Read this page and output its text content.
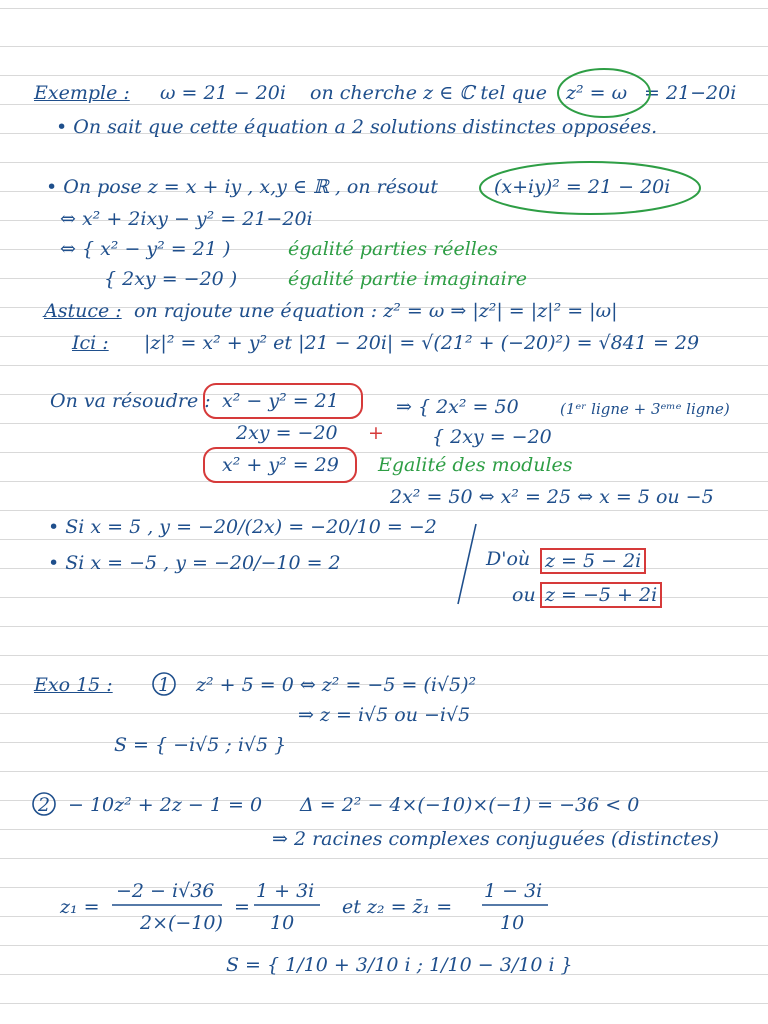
Exemple : ω = 21 − 20i on cherche z ∈ ℂ tel que z² = ω = 21−20i
• On sait que cette équation a 2 solutions distinctes opposées.
• On pose z = x + iy , x,y ∈ ℝ , on résout	(x+iy)² = 21 − 20i
⇔ x² + 2ixy − y² = 21−20i
⇔ { x² − y² = 21 )	égalité parties réelles
{ 2xy = −20 )	égalité partie imaginaire
Astuce : on rajoute une équation : z² = ω ⇒ |z²| = |z|² = |ω|
Ici : |z|² = x² + y² et |21 − 20i| = √(21² + (−20)²) = √841 = 29
On va résoudre : x² − y² = 21
2xy = −20 +
x² + y² = 29 Egalité des modules
⇒ { 2x² = 50	(1ᵉʳ ligne + 3ᵉᵐᵉ ligne)
{ 2xy = −20
2x² = 50 ⇔ x² = 25 ⇔ x = 5 ou −5
• Si x = 5 , y = −20/(2x) = −20/10 = −2
• Si x = −5 , y = −20/−10 = 2	D'où
ou
z = 5 − 2i
z = −5 + 2i
Exo 15 : 1 z² + 5 = 0 ⇔ z² = −5 = (i√5)²
⇒ z = i√5 ou −i√5
S = { −i√5 ; i√5 }
2 − 10z² + 2z − 1 = 0 Δ = 2² − 4×(−10)×(−1) = −36 < 0
⇒ 2 racines complexes conjuguées (distinctes)
z₁ =
−2 − i√36
2×(−10)
=
1 + 3i
10
et z₂ = z̄₁ =
1 − 3i
10
S = { 1/10 + 3/10 i ; 1/10 − 3/10 i }
